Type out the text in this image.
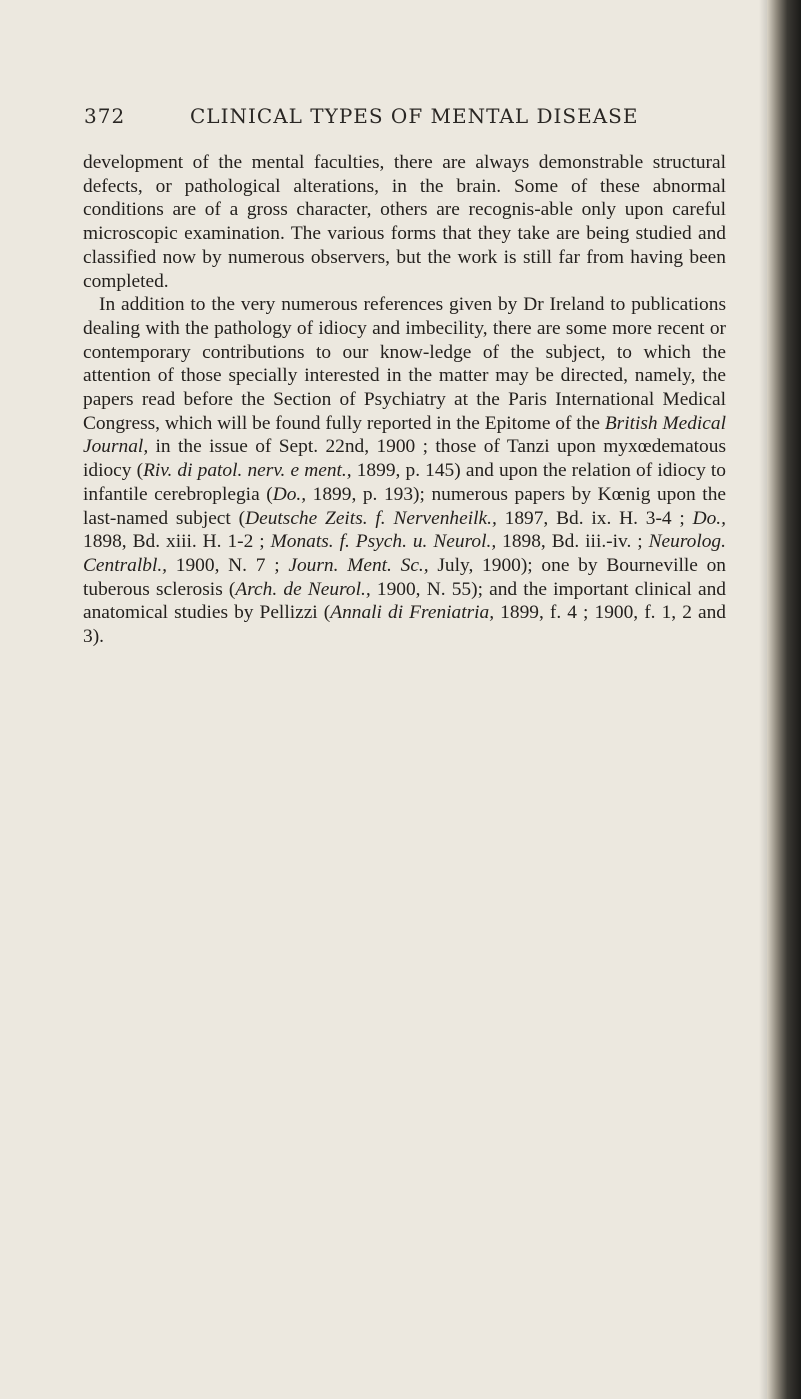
372	CLINICAL TYPES OF MENTAL DISEASE

development of the mental faculties, there are always demonstrable structural defects, or pathological alterations, in the brain. Some of these abnormal conditions are of a gross character, others are recognis-able only upon careful microscopic examination. The various forms that they take are being studied and classified now by numerous observers, but the work is still far from having been completed.

In addition to the very numerous references given by Dr Ireland to publications dealing with the pathology of idiocy and imbecility, there are some more recent or contemporary contributions to our know-ledge of the subject, to which the attention of those specially interested in the matter may be directed, namely, the papers read before the Section of Psychiatry at the Paris International Medical Congress, which will be found fully reported in the Epitome of the British Medical Journal, in the issue of Sept. 22nd, 1900 ; those of Tanzi upon myxœdematous idiocy (Riv. di patol. nerv. e ment., 1899, p. 145) and upon the relation of idiocy to infantile cerebroplegia (Do., 1899, p. 193); numerous papers by Kœnig upon the last-named subject (Deutsche Zeits. f. Nervenheilk., 1897, Bd. ix. H. 3-4 ; Do., 1898, Bd. xiii. H. 1-2 ; Monats. f. Psych. u. Neurol., 1898, Bd. iii.-iv. ; Neurolog. Centralbl., 1900, N. 7 ; Journ. Ment. Sc., July, 1900); one by Bourneville on tuberous sclerosis (Arch. de Neurol., 1900, N. 55); and the important clinical and anatomical studies by Pellizzi (Annali di Freniatria, 1899, f. 4 ; 1900, f. 1, 2 and 3).
